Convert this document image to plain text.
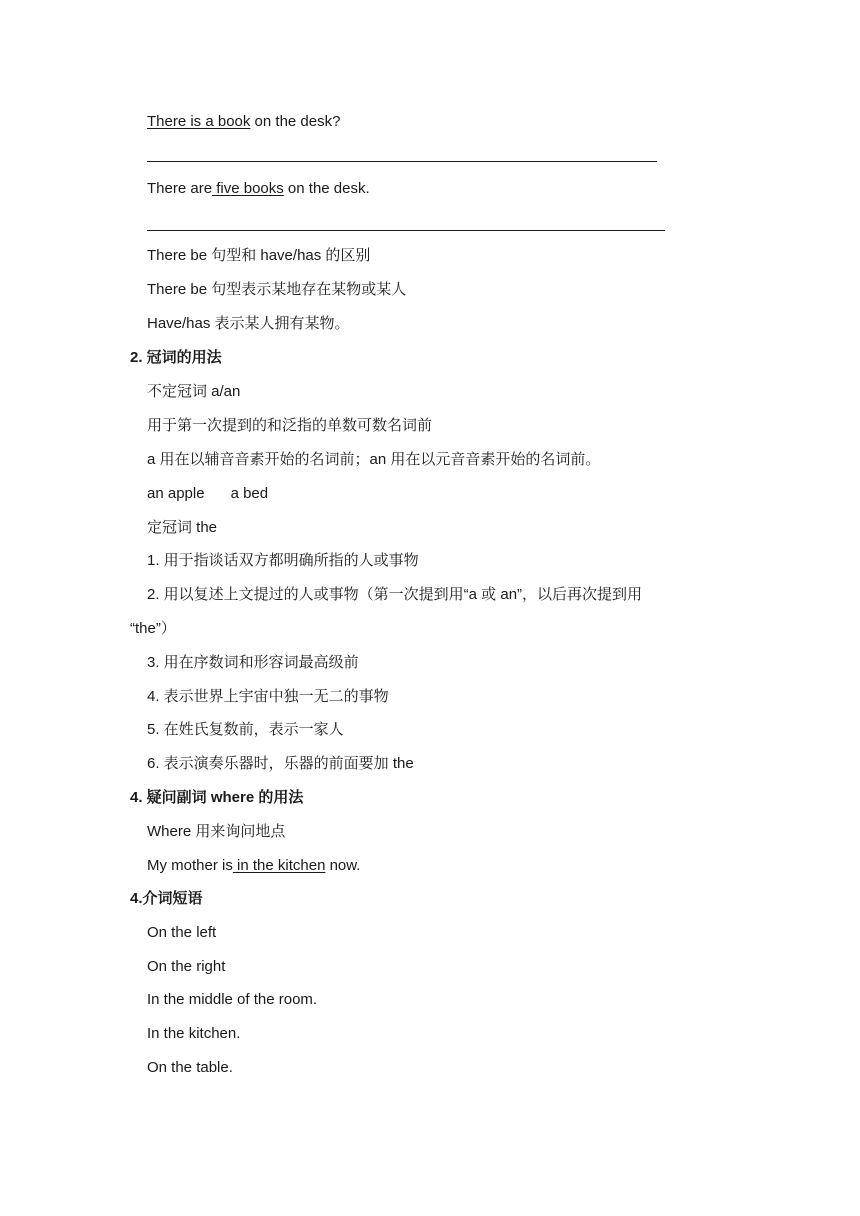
There is a book on the desk?
There are five books on the desk.
There be 句型和 have/has 的区别
There be 句型表示某地存在某物或某人
Have/has 表示某人拥有某物。
2. 冠词的用法
不定冠词 a/an
用于第一次提到的和泛指的单数可数名词前
a 用在以辅音音素开始的名词前；an 用在以元音音素开始的名词前。
an apple a bed
定冠词 the
1. 用于指谈话双方都明确所指的人或事物
2. 用以复述上文提过的人或事物（第一次提到用“a 或 an”，以后再次提到用
“the”）
3. 用在序数词和形容词最高级前
4. 表示世界上宇宙中独一无二的事物
5. 在姓氏复数前，表示一家人
6. 表示演奏乐器时，乐器的前面要加 the
4. 疑问副词 where 的用法
Where 用来询问地点
My mother is in the kitchen now.
4.介词短语
On the left
On the right
In the middle of the room.
In the kitchen.
On the table.
